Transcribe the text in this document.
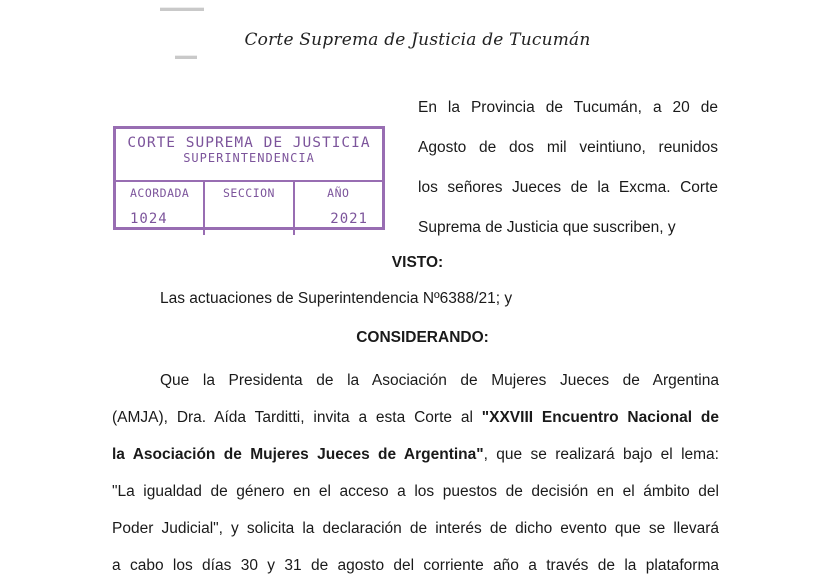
▬▬▬▬
▬▬
Corte Suprema de Justicia de Tucumán
CORTE SUPREMA DE JUSTICIA
SUPERINTENDENCIA
ACORDADA
1024
SECCION	AÑO
2021
En la Provincia de Tucumán, a 20 de
Agosto de dos mil veintiuno, reunidos
los señores Jueces de la Excma. Corte
Suprema de Justicia que suscriben, y
VISTO:
Las actuaciones de Superintendencia Nº6388/21; y
CONSIDERANDO:
Que la Presidenta de la Asociación de Mujeres Jueces de Argentina
(AMJA), Dra. Aída Tarditti, invita a esta Corte al "XXVIII Encuentro Nacional de
la Asociación de Mujeres Jueces de Argentina", que se realizará bajo el lema:
"La igualdad de género en el acceso a los puestos de decisión en el ámbito del
Poder Judicial", y solicita la declaración de interés de dicho evento que se llevará
a cabo los días 30 y 31 de agosto del corriente año a través de la plataforma
